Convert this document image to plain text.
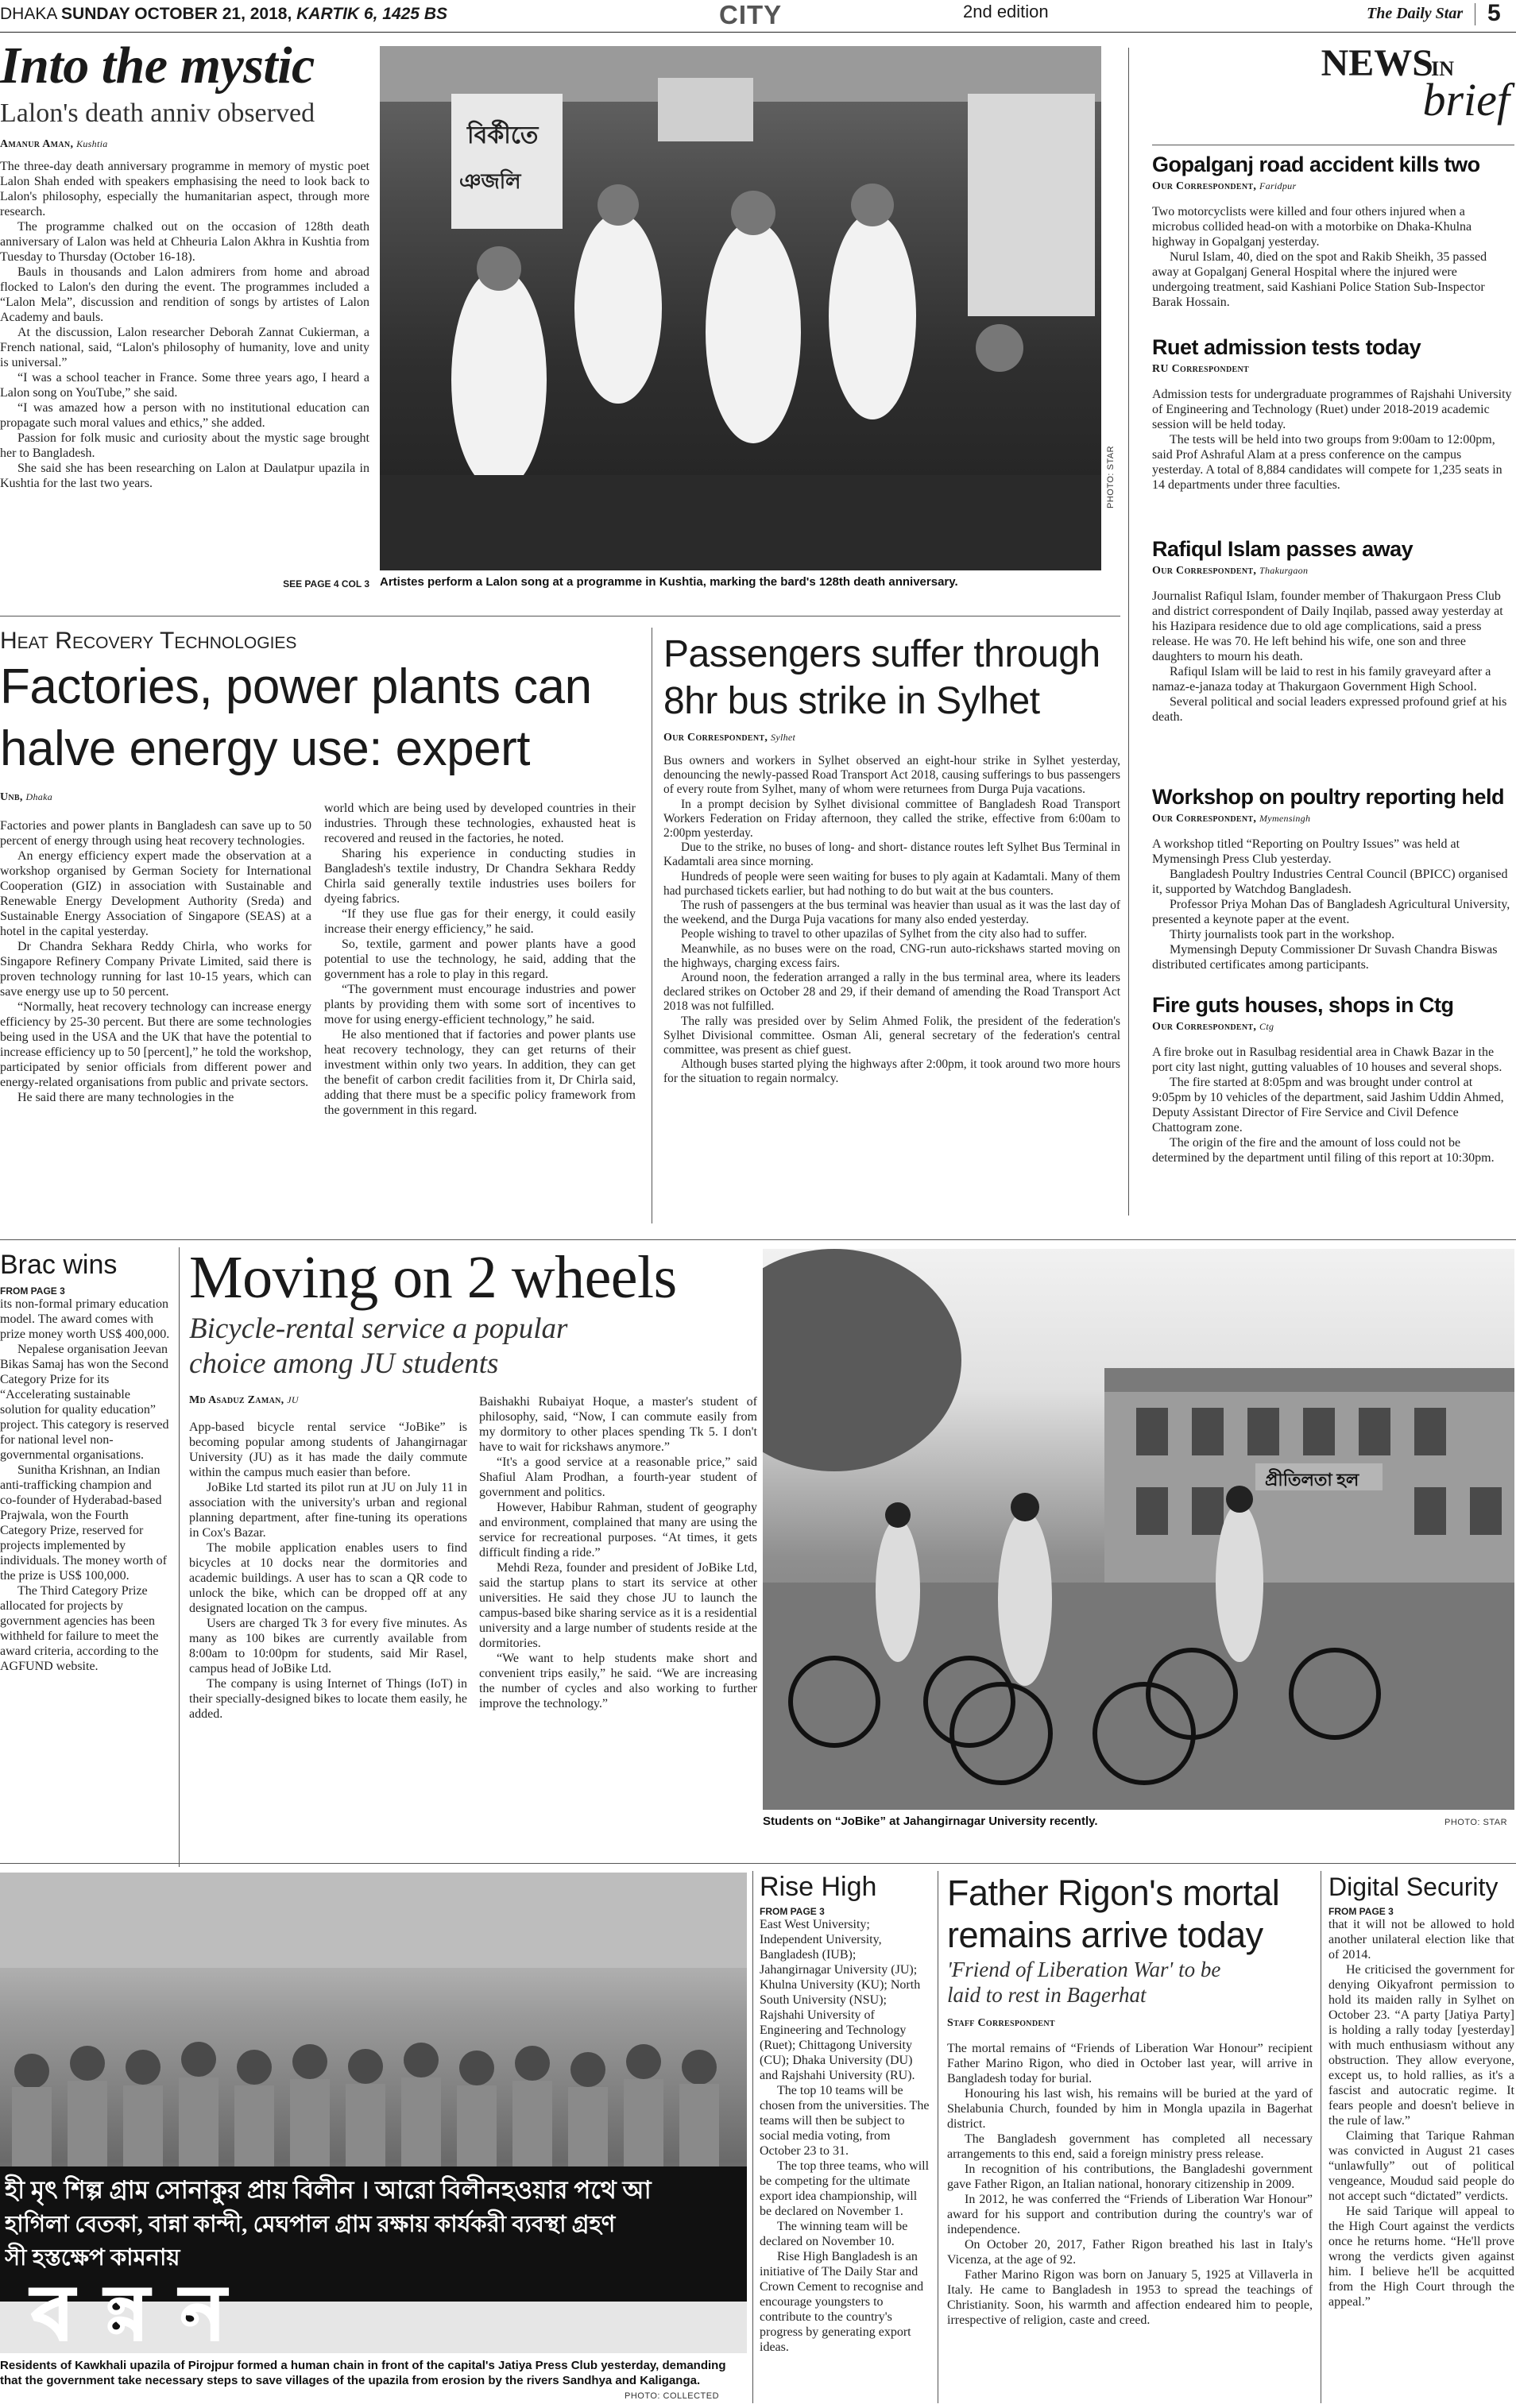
DHAKA SUNDAY OCTOBER 21, 2018, KARTIK 6, 1425 BS	CITY	2nd edition	The Daily Star 5
Into the mystic
Lalon's death anniv observed
Amanur Aman, Kushtia

The three-day death anniversary programme in memory of mystic poet Lalon Shah ended with speakers emphasising the need to look back to Lalon's philosophy, especially the humanitarian aspect, through more research.

The programme chalked out on the occasion of 128th death anniversary of Lalon was held at Chheuria Lalon Akhra in Kushtia from Tuesday to Thursday (October 16-18).

Bauls in thousands and Lalon admirers from home and abroad flocked to Lalon's den during the event. The programmes included a “Lalon Mela”, discussion and rendition of songs by artistes of Lalon Academy and bauls.

At the discussion, Lalon researcher Deborah Zannat Cukierman, a French national, said, “Lalon's philosophy of humanity, love and unity is universal.”

“I was a school teacher in France. Some three years ago, I heard a Lalon song on YouTube,” she said.

“I was amazed how a person with no institutional education can propagate such moral values and ethics,” she added.

Passion for folk music and curiosity about the mystic sage brought her to Bangladesh.

She said she has been researching on Lalon at Daulatpur upazila in Kushtia for the last two years.

SEE PAGE 4 COL 3
বির্কীতে
ঞজলি
PHOTO: STAR
Artistes perform a Lalon song at a programme in Kushtia, marking the bard's 128th death anniversary.
NEWS
IN
brief
Gopalganj road accident kills two
Our Correspondent, Faridpur

Two motorcyclists were killed and four others injured when a microbus collided head-on with a motorbike on Dhaka-Khulna highway in Gopalganj yesterday.

Nurul Islam, 40, died on the spot and Rakib Sheikh, 35 passed away at Gopalganj General Hospital where the injured were undergoing treatment, said Kashiani Police Station Sub-Inspector Barak Hossain.

Ruet admission tests today
RU Correspondent

Admission tests for undergraduate programmes of Rajshahi University of Engineering and Technology (Ruet) under 2018-2019 academic session will be held today.

The tests will be held into two groups from 9:00am to 12:00pm, said Prof Ashraful Alam at a press conference on the campus yesterday. A total of 8,884 candidates will compete for 1,235 seats in 14 departments under three faculties.

Rafiqul Islam passes away
Our Correspondent, Thakurgaon

Journalist Rafiqul Islam, founder member of Thakurgaon Press Club and district correspondent of Daily Inqilab, passed away yesterday at his Hazipara residence due to old age complications, said a press release. He was 70. He left behind his wife, one son and three daughters to mourn his death.

Rafiqul Islam will be laid to rest in his family graveyard after a namaz-e-janaza today at Thakurgaon Government High School.

Several political and social leaders expressed profound grief at his death.

Workshop on poultry reporting held
Our Correspondent, Mymensingh

A workshop titled “Reporting on Poultry Issues” was held at Mymensingh Press Club yesterday.

Bangladesh Poultry Industries Central Council (BPICC) organised it, supported by Watchdog Bangladesh.

Professor Priya Mohan Das of Bangladesh Agricultural University, presented a keynote paper at the event.

Thirty journalists took part in the workshop.

Mymensingh Deputy Commissioner Dr Suvash Chandra Biswas distributed certificates among participants.

Fire guts houses, shops in Ctg
Our Correspondent, Ctg

A fire broke out in Rasulbag residential area in Chawk Bazar in the port city last night, gutting valuables of 10 houses and several shops.

The fire started at 8:05pm and was brought under control at 9:05pm by 10 vehicles of the department, said Jashim Uddin Ahmed, Deputy Assistant Director of Fire Service and Civil Defence Chattogram zone.

The origin of the fire and the amount of loss could not be determined by the department until filing of this report at 10:30pm.

Heat Recovery Technologies
Factories, power plants can
halve energy use: expert
Unb, Dhaka

Factories and power plants in Bangladesh can save up to 50 percent of energy through using heat recovery technologies.

An energy efficiency expert made the observation at a workshop organised by German Society for International Cooperation (GIZ) in association with Sustainable and Renewable Energy Development Authority (Sreda) and Sustainable Energy Association of Singapore (SEAS) at a hotel in the capital yesterday.

Dr Chandra Sekhara Reddy Chirla, who works for Singapore Refinery Company Private Limited, said there is proven technology running for last 10-15 years, which can save energy use up to 50 percent.

“Normally, heat recovery technology can increase energy efficiency by 25-30 percent. But there are some technologies being used in the USA and the UK that have the potential to increase efficiency up to 50 [percent],” he told the workshop, participated by senior officials from different power and energy-related organisations from public and private sectors.

He said there are many technologies in the

world which are being used by developed countries in their industries. Through these technologies, exhausted heat is recovered and reused in the factories, he noted.

Sharing his experience in conducting studies in Bangladesh's textile industry, Dr Chandra Sekhara Reddy Chirla said generally textile industries uses boilers for dyeing fabrics.

“If they use flue gas for their energy, it could easily increase their energy efficiency,” he said.

So, textile, garment and power plants have a good potential to use the technology, he said, adding that the government has a role to play in this regard.

“The government must encourage industries and power plants by providing them with some sort of incentives to move for using energy-efficient technology,” he said.

He also mentioned that if factories and power plants use heat recovery technology, they can get returns of their investment within only two years. In addition, they can get the benefit of carbon credit facilities from it, Dr Chirla said, adding that there must be a specific policy framework from the government in this regard.

Passengers suffer through
8hr bus strike in Sylhet
Our Correspondent, Sylhet

Bus owners and workers in Sylhet observed an eight-hour strike in Sylhet yesterday, denouncing the newly-passed Road Transport Act 2018, causing sufferings to bus passengers of every route from Sylhet, many of whom were returnees from Durga Puja vacations.

In a prompt decision by Sylhet divisional committee of Bangladesh Road Transport Workers Federation on Friday afternoon, they called the strike, effective from 6:00am to 2:00pm yesterday.

Due to the strike, no buses of long- and short- distance routes left Sylhet Bus Terminal in Kadamtali area since morning.

Hundreds of people were seen waiting for buses to ply again at Kadamtali. Many of them had purchased tickets earlier, but had nothing to do but wait at the bus counters.

The rush of passengers at the bus terminal was heavier than usual as it was the last day of the weekend, and the Durga Puja vacations for many also ended yesterday.

People wishing to travel to other upazilas of Sylhet from the city also had to suffer.

Meanwhile, as no buses were on the road, CNG-run auto-rickshaws started moving on the highways, charging excess fairs.

Around noon, the federation arranged a rally in the bus terminal area, where its leaders declared strikes on October 28 and 29, if their demand of amending the Road Transport Act 2018 was not fulfilled.

The rally was presided over by Selim Ahmed Folik, the president of the federation's Sylhet Divisional committee. Osman Ali, general secretary of the federation's central committee, was present as chief guest.

Although buses started plying the highways after 2:00pm, it took around two more hours for the situation to regain normalcy.

Brac wins
FROM PAGE 3

its non-formal primary education model. The award comes with prize money worth US$ 400,000.

Nepalese organisation Jeevan Bikas Samaj has won the Second Category Prize for its “Accelerating sustainable solution for quality education” project. This category is reserved for national level non-governmental organisations.

Sunitha Krishnan, an Indian anti-trafficking champion and co-founder of Hyderabad-based Prajwala, won the Fourth Category Prize, reserved for projects implemented by individuals. The money worth of the prize is US$ 100,000.

The Third Category Prize allocated for projects by government agencies has been withheld for failure to meet the award criteria, according to the AGFUND website.

Moving on 2 wheels
Bicycle-rental service a popular
choice among JU students
Md Asaduz Zaman, JU

App-based bicycle rental service “JoBike” is becoming popular among students of Jahangirnagar University (JU) as it has made the daily commute within the campus much easier than before.

JoBike Ltd started its pilot run at JU on July 11 in association with the university's urban and regional planning department, after fine-tuning its operations in Cox's Bazar.

The mobile application enables users to find bicycles at 10 docks near the dormitories and academic buildings. A user has to scan a QR code to unlock the bike, which can be dropped off at any designated location on the campus.

Users are charged Tk 3 for every five minutes. As many as 100 bikes are currently available from 8:00am to 10:00pm for students, said Mir Rasel, campus head of JoBike Ltd.

The company is using Internet of Things (IoT) in their specially-designed bikes to locate them easily, he added.

Baishakhi Rubaiyat Hoque, a master's student of philosophy, said, “Now, I can commute easily from my dormitory to other places spending Tk 5. I don't have to wait for rickshaws anymore.”

“It's a good service at a reasonable price,” said Shafiul Alam Prodhan, a fourth-year student of government and politics.

However, Habibur Rahman, student of geography and environment, complained that many are using the service for recreational purposes. “At times, it gets difficult finding a ride.”

Mehdi Reza, founder and president of JoBike Ltd, said the startup plans to start its service at other universities. He said they chose JU to launch the campus-based bike sharing service as it is a residential university and a large number of students reside at the dormitories.

“We want to help students make short and convenient trips easily,” he said. “We are increasing the number of cycles and also working to further improve the technology.”

প্রীতিলতা হল
Students on “JoBike” at Jahangirnagar University recently.	PHOTO: STAR
হী মৃৎ শিল্প গ্রাম সোনাকুর প্রায় বিলীন । আরো বিলীনহওয়ার পথে আ
হাগিলা বেতকা, বান্না কান্দী, মেঘপাল গ্রাম রক্ষায় কার্যকরী ব্যবস্থা গ্রহণ
সী হস্তক্ষেপ কামনায়
বন্নন
Residents of Kawkhali upazila of Pirojpur formed a human chain in front of the capital's Jatiya Press Club yesterday, demanding that the government take necessary steps to save villages of the upazila from erosion by the rivers Sandhya and Kaliganga.
PHOTO: COLLECTED
Rise High
FROM PAGE 3

East West University; Independent University, Bangladesh (IUB); Jahangirnagar University (JU); Khulna University (KU); North South University (NSU); Rajshahi University of Engineering and Technology (Ruet); Chittagong University (CU); Dhaka University (DU) and Rajshahi University (RU).

The top 10 teams will be chosen from the universities. The teams will then be subject to social media voting, from October 23 to 31.

The top three teams, who will be competing for the ultimate export idea championship, will be declared on November 1.

The winning team will be declared on November 10.

Rise High Bangladesh is an initiative of The Daily Star and Crown Cement to recognise and encourage youngsters to contribute to the country's progress by generating export ideas.

Father Rigon's mortal
remains arrive today
'Friend of Liberation War' to be
laid to rest in Bagerhat
Staff Correspondent

The mortal remains of “Friends of Liberation War Honour” recipient Father Marino Rigon, who died in October last year, will arrive in Bangladesh today for burial.

Honouring his last wish, his remains will be buried at the yard of Shelabunia Church, founded by him in Mongla upazila in Bagerhat district.

The Bangladesh government has completed all necessary arrangements to this end, said a foreign ministry press release.

In recognition of his contributions, the Bangladeshi government gave Father Rigon, an Italian national, honorary citizenship in 2009.

In 2012, he was conferred the “Friends of Liberation War Honour” award for his support and contribution during the country's war of independence.

On October 20, 2017, Father Rigon breathed his last in Italy's Vicenza, at the age of 92.

Father Marino Rigon was born on January 5, 1925 at Villaverla in Italy. He came to Bangladesh in 1953 to spread the teachings of Christianity. Soon, his warmth and affection endeared him to people, irrespective of religion, caste and creed.

Digital Security
FROM PAGE 3

that it will not be allowed to hold another unilateral election like that of 2014.

He criticised the government for denying Oikyafront permission to hold its maiden rally in Sylhet on October 23. “A party [Jatiya Party] is holding a rally today [yesterday] with much enthusiasm without any obstruction. They allow everyone, except us, to hold rallies, as it's a fascist and autocratic regime. It fears people and doesn't believe in the rule of law.”

Claiming that Tarique Rahman was convicted in August 21 cases “unlawfully” out of political vengeance, Moudud said people do not accept such “dictated” verdicts.

He said Tarique will appeal to the High Court against the verdicts once he returns home. “He'll prove wrong the verdicts given against him. I believe he'll be acquitted from the High Court through the appeal.”
